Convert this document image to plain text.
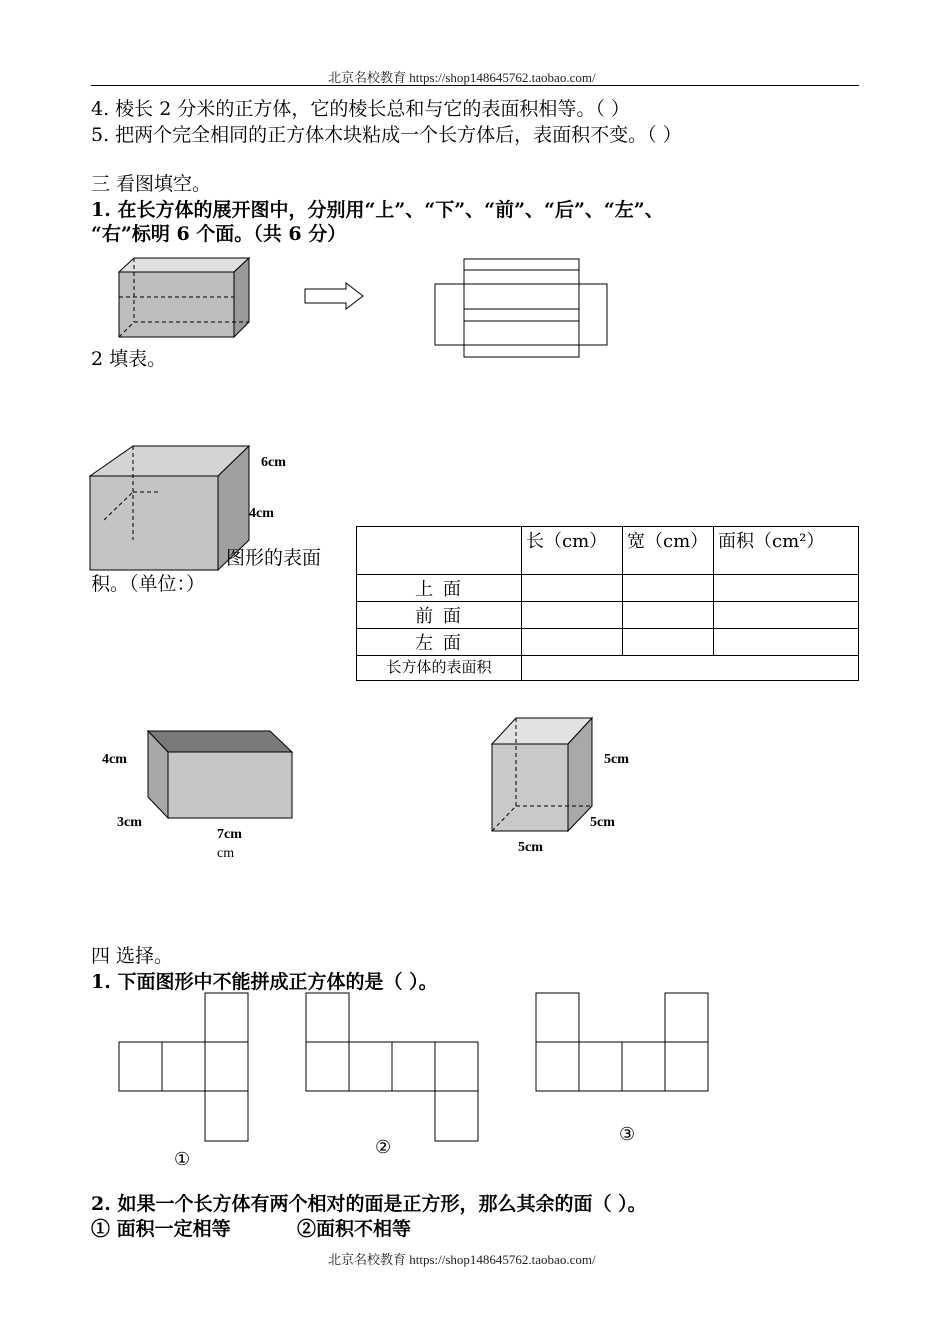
北京名校教育 https://shop148645762.taobao.com/
4. 棱长 2 分米的正方体，它的棱长总和与它的表面积相等。（ ）
5. 把两个完全相同的正方体木块粘成一个长方体后，表面积不变。（ ）
三 看图填空。
1. 在长方体的展开图中，分别用“上”、“下”、“前”、“后”、“左”、
“右”标明 6 个面。（共 6 分）
2 填表。
6cm
4cm
图形的表面
积。（单位：）
	长（cm）	宽（cm）	面积（cm²）
上 面			
前 面			
左 面			
长方体的表面积			
4cm
3cm
7cm
cm
5cm
5cm
5cm
四 选择。
1. 下面图形中不能拼成正方体的是（ ）。
①
②
③
2. 如果一个长方体有两个相对的面是正方形，那么其余的面（ ）。
① 面积一定相等	②面积不相等
北京名校教育 https://shop148645762.taobao.com/
